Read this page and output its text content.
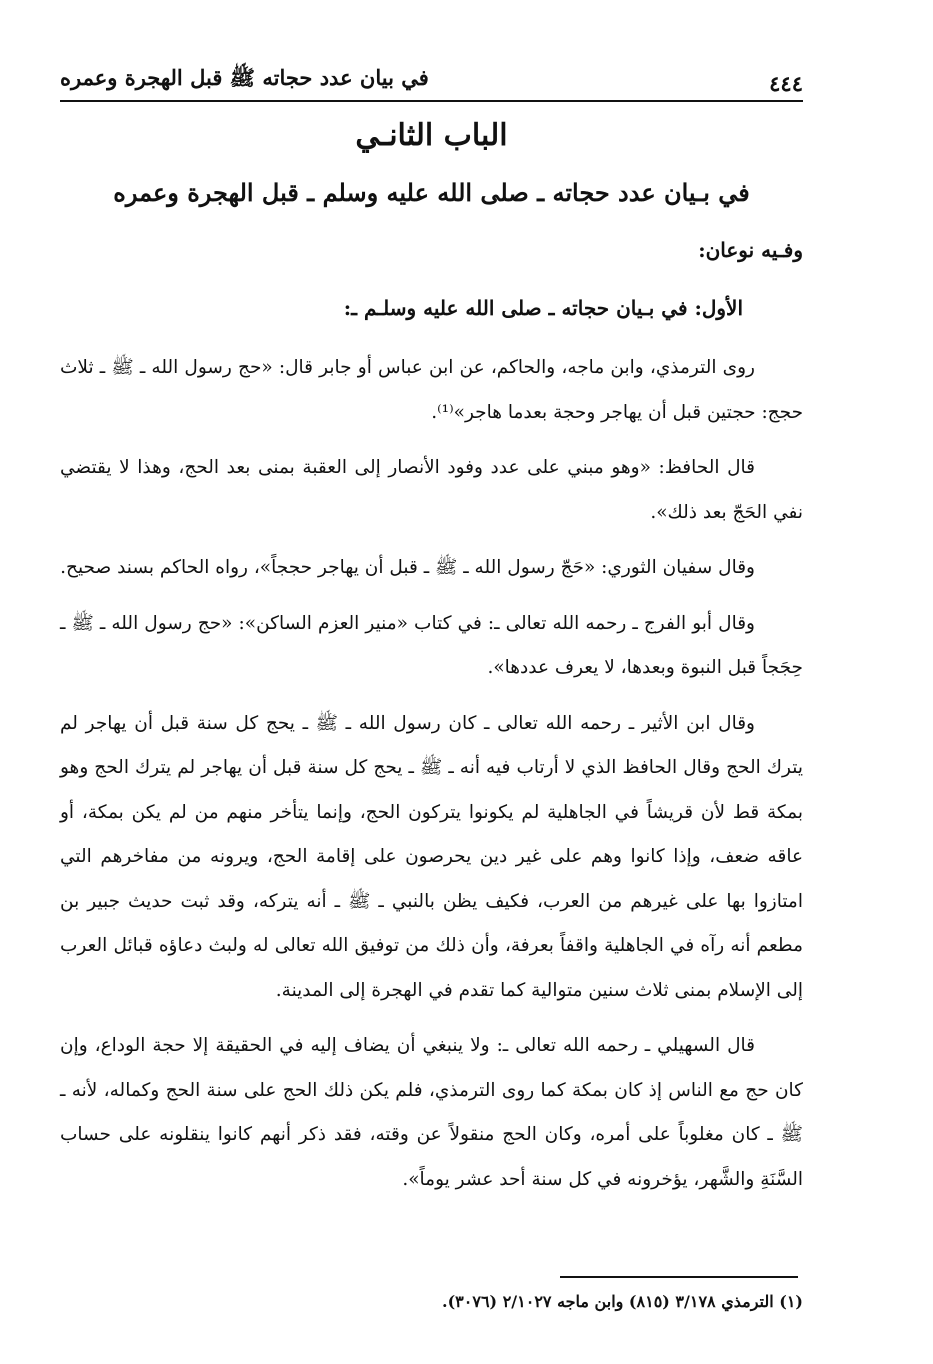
٤٤٤
في بيان عدد حجاته ﷺ قبل الهجرة وعمره
الباب الثانـي
في بـيان عدد حجاته ـ صلى الله عليه وسلم ـ قبل الهجرة وعمره
وفـيه نوعان:
الأول: في بـيان حجاته ـ صلى الله عليه وسلـم ـ:

روى الترمذي، وابن ماجه، والحاكم، عن ابن عباس أو جابر قال: «حج رسول الله ـ ﷺ ـ ثلاث حجج: حجتين قبل أن يهاجر وحجة بعدما هاجر»⁽¹⁾.

قال الحافظ: «وهو مبني على عدد وفود الأنصار إلى العقبة بمنى بعد الحج، وهذا لا يقتضي نفي الحَجّ بعد ذلك».

وقال سفيان الثوري: «حَجّ رسول الله ـ ﷺ ـ قبل أن يهاجر حججاً»، رواه الحاكم بسند صحيح.

وقال أبو الفرج ـ رحمه الله تعالى ـ: في كتاب «منير العزم الساكن»: «حج رسول الله ـ ﷺ ـ حِجَجاً قبل النبوة وبعدها، لا يعرف عددها».

وقال ابن الأثير ـ رحمه الله تعالى ـ كان رسول الله ـ ﷺ ـ يحج كل سنة قبل أن يهاجر لم يترك الحج وقال الحافظ الذي لا أرتاب فيه أنه ـ ﷺ ـ يحج كل سنة قبل أن يهاجر لم يترك الحج وهو بمكة قط لأن قريشاً في الجاهلية لم يكونوا يتركون الحج، وإنما يتأخر منهم من لم يكن بمكة، أو عاقه ضعف، وإذا كانوا وهم على غير دين يحرصون على إقامة الحج، ويرونه من مفاخرهم التي امتازوا بها على غيرهم من العرب، فكيف يظن بالنبي ـ ﷺ ـ أنه يتركه، وقد ثبت حديث جبير بن مطعم أنه رآه في الجاهلية واقفاً بعرفة، وأن ذلك من توفيق الله تعالى له ولبث دعاؤه قبائل العرب إلى الإسلام بمنى ثلاث سنين متوالية كما تقدم في الهجرة إلى المدينة.

قال السهيلي ـ رحمه الله تعالى ـ: ولا ينبغي أن يضاف إليه في الحقيقة إلا حجة الوداع، وإن كان حج مع الناس إذ كان بمكة كما روى الترمذي، فلم يكن ذلك الحج على سنة الحج وكماله، لأنه ـ ﷺ ـ كان مغلوباً على أمره، وكان الحج منقولاً عن وقته، فقد ذكر أنهم كانوا ينقلونه على حساب السَّنَةِ والشَّهر، يؤخرونه في كل سنة أحد عشر يوماً».

(١) الترمذي ٣/١٧٨ (٨١٥) وابن ماجه ٢/١٠٢٧ (٣٠٧٦).
